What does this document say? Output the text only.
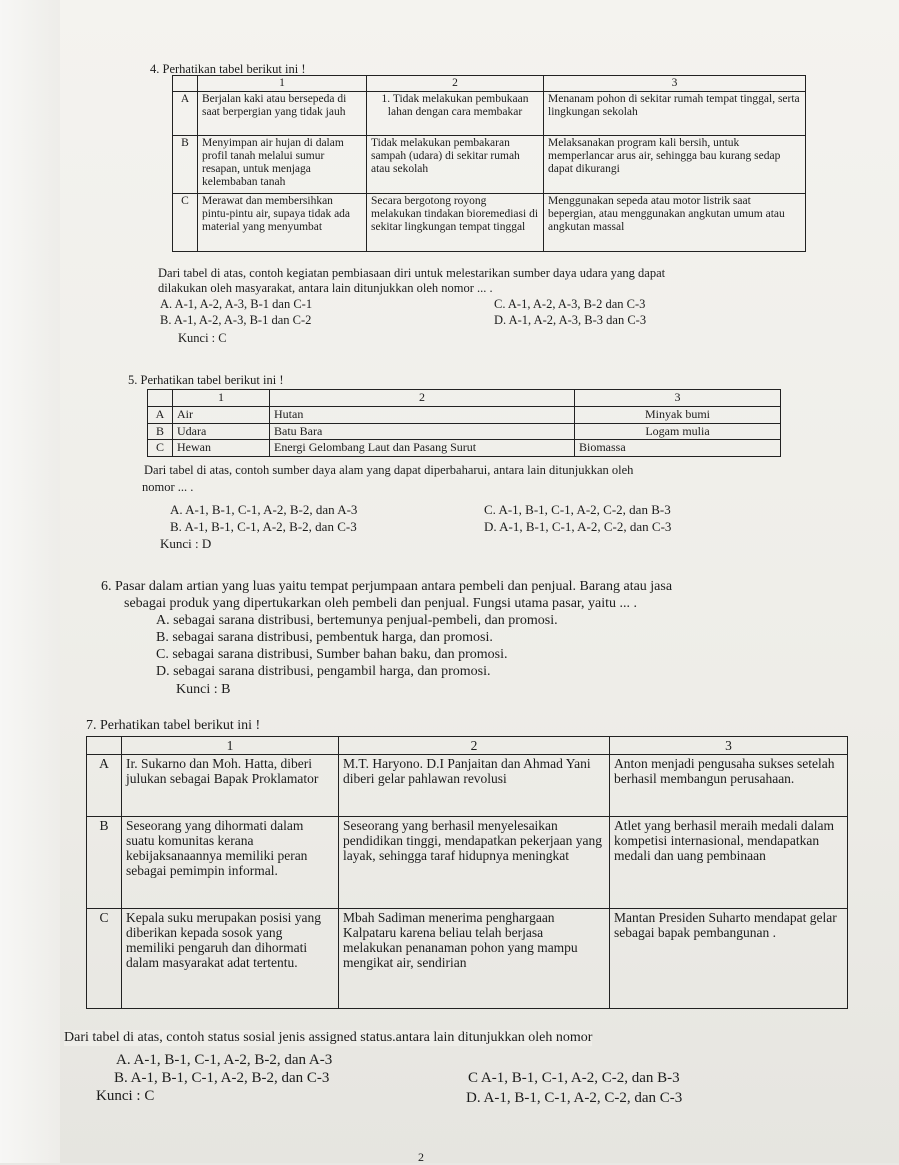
4. Perhatikan tabel berikut ini !
	1	2	3
A	Berjalan kaki atau bersepeda di saat berpergian yang tidak jauh	1. Tidak melakukan pembukaan lahan dengan cara membakar	Menanam pohon di sekitar rumah tempat tinggal, serta lingkungan sekolah
B	Menyimpan air hujan di dalam profil tanah melalui sumur resapan, untuk menjaga kelembaban tanah	Tidak melakukan pembakaran sampah (udara) di sekitar rumah atau sekolah	Melaksanakan program kali bersih, untuk memperlancar arus air, sehingga bau kurang sedap dapat dikurangi
C	Merawat dan membersihkan pintu-pintu air, supaya tidak ada material yang menyumbat	Secara bergotong royong melakukan tindakan bioremediasi di sekitar lingkungan tempat tinggal	Menggunakan sepeda atau motor listrik saat bepergian, atau menggunakan angkutan umum atau angkutan massal
Dari tabel di atas, contoh kegiatan pembiasaan diri untuk melestarikan sumber daya udara yang dapat
dilakukan oleh masyarakat, antara lain ditunjukkan oleh nomor ... .
A. A-1, A-2, A-3, B-1 dan C-1
B. A-1, A-2, A-3, B-1 dan C-2
C. A-1, A-2, A-3, B-2 dan C-3
D. A-1, A-2, A-3, B-3 dan C-3
Kunci : C
5. Perhatikan tabel berikut ini !
	1	2	3
A	Air	Hutan	Minyak bumi
B	Udara	Batu Bara	Logam mulia
C	Hewan	Energi Gelombang Laut dan Pasang Surut	Biomassa
Dari tabel di atas, contoh sumber daya alam yang dapat diperbaharui, antara lain ditunjukkan oleh
nomor ... .
A. A-1, B-1, C-1, A-2, B-2, dan A-3
B. A-1, B-1, C-1, A-2, B-2, dan C-3
C. A-1, B-1, C-1, A-2, C-2, dan B-3
D. A-1, B-1, C-1, A-2, C-2, dan C-3
Kunci : D
6. Pasar dalam artian yang luas yaitu tempat perjumpaan antara pembeli dan penjual. Barang atau jasa
sebagai produk yang dipertukarkan oleh pembeli dan penjual. Fungsi utama pasar, yaitu ... .
A. sebagai sarana distribusi, bertemunya penjual-pembeli, dan promosi.
B. sebagai sarana distribusi, pembentuk harga, dan promosi.
C. sebagai sarana distribusi, Sumber bahan baku, dan promosi.
D. sebagai sarana distribusi, pengambil harga, dan promosi.
Kunci : B
7. Perhatikan tabel berikut ini !
	1	2	3
A	Ir. Sukarno dan Moh. Hatta, diberi julukan sebagai Bapak Proklamator	M.T. Haryono. D.I Panjaitan dan Ahmad Yani diberi gelar pahlawan revolusi	Anton menjadi pengusaha sukses setelah berhasil membangun perusahaan.
B	Seseorang yang dihormati dalam suatu komunitas kerana kebijaksanaannya memiliki peran sebagai pemimpin informal.	Seseorang yang berhasil menyelesaikan pendidikan tinggi, mendapatkan pekerjaan yang layak, sehingga taraf hidupnya meningkat	Atlet yang berhasil meraih medali dalam kompetisi internasional, mendapatkan medali dan uang pembinaan
C	Kepala suku merupakan posisi yang diberikan kepada sosok yang memiliki pengaruh dan dihormati dalam masyarakat adat tertentu.	Mbah Sadiman menerima penghargaan Kalpataru karena beliau telah berjasa melakukan penanaman pohon yang mampu mengikat air, sendirian	Mantan Presiden Suharto mendapat gelar sebagai bapak pembangunan .
Dari tabel di atas, contoh status sosial jenis assigned status.antara lain ditunjukkan oleh nomor
A. A-1, B-1, C-1, A-2, B-2, dan A-3
B. A-1, B-1, C-1, A-2, B-2, dan C-3	C A-1, B-1, C-1, A-2, C-2, dan B-3
D. A-1, B-1, C-1, A-2, C-2, dan C-3
Kunci : C
2
